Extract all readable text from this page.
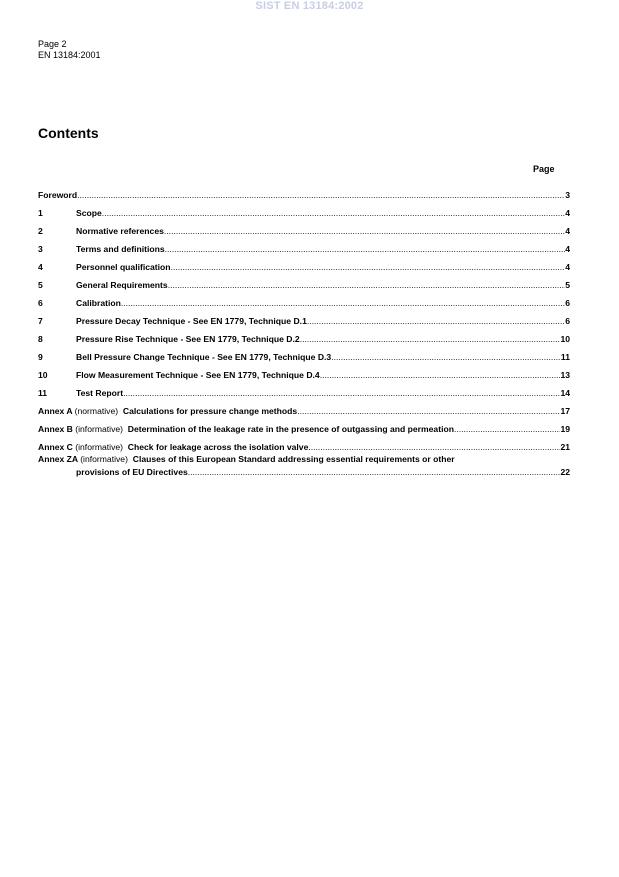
SIST EN 13184:2002
Page 2
EN 13184:2001
Contents
Page
Foreword .....	3
1	Scope .....	4
2	Normative references .....	4
3	Terms and definitions .....	4
4	Personnel qualification .....	4
5	General Requirements .....	5
6	Calibration .....	6
7	Pressure Decay Technique - See EN 1779, Technique D.1 .....	6
8	Pressure Rise Technique - See EN 1779, Technique D.2 .....	10
9	Bell Pressure Change Technique - See EN 1779, Technique D.3 .....	11
10	Flow Measurement Technique - See EN 1779, Technique D.4 .....	13
11	Test Report .....	14
Annex A (normative) Calculations for pressure change methods .....	17
Annex B (informative) Determination of the leakage rate in the presence of outgassing and permeation .....	19
Annex C (informative) Check for leakage across the isolation valve .....	21
Annex ZA (informative) Clauses of this European Standard addressing essential requirements or other
provisions of EU Directives .....	22
